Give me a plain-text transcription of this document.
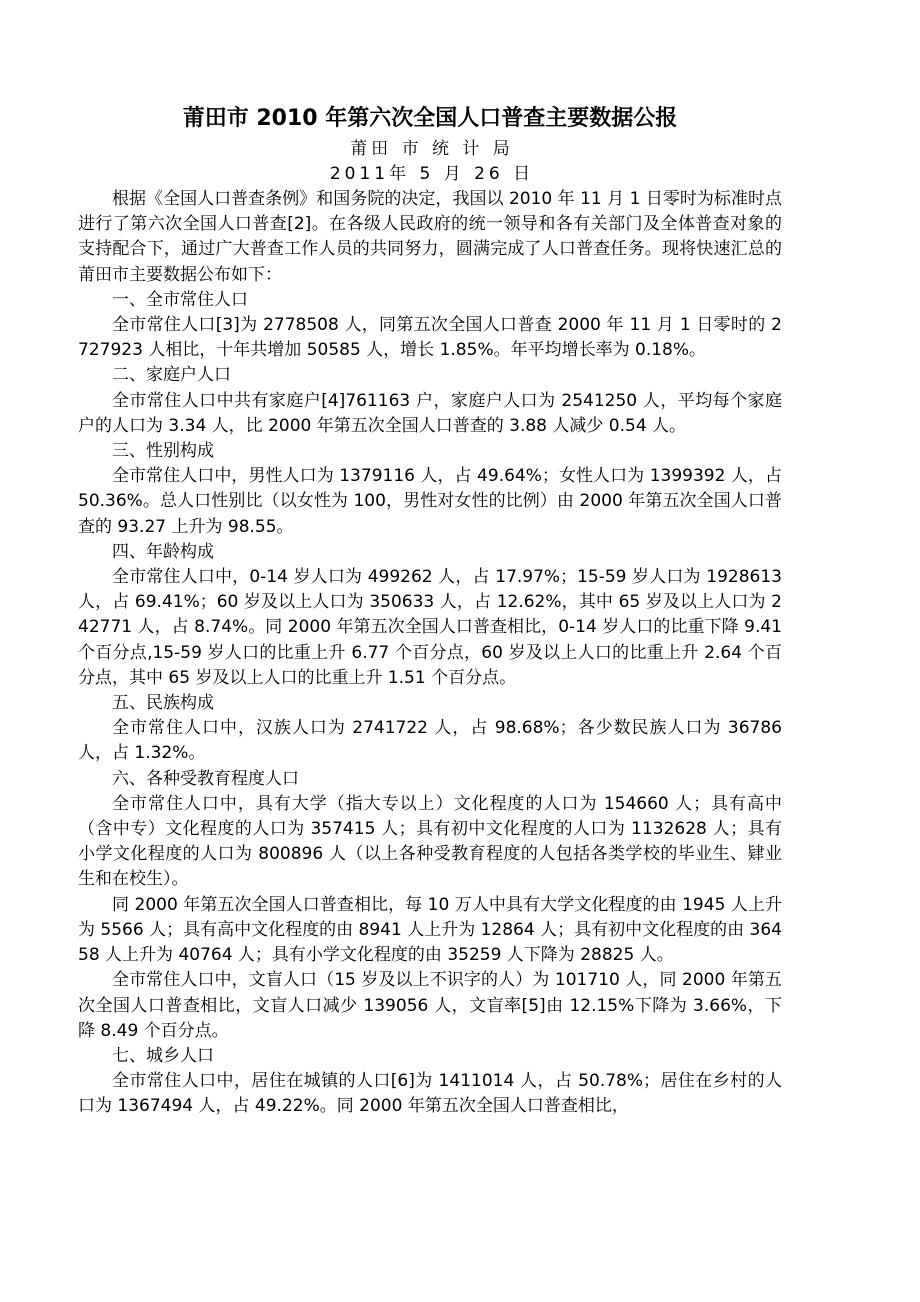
莆田市 2010 年第六次全国人口普查主要数据公报
莆田 市 统 计 局
2011年 5 月 26 日

根据《全国人口普查条例》和国务院的决定，我国以 2010 年 11 月 1 日零时为标准时点进行了第六次全国人口普查[2]。在各级人民政府的统一领导和各有关部门及全体普查对象的支持配合下，通过广大普查工作人员的共同努力，圆满完成了人口普查任务。现将快速汇总的莆田市主要数据公布如下：

一、全市常住人口

全市常住人口[3]为 2778508 人，同第五次全国人口普查 2000 年 11 月 1 日零时的 2727923 人相比，十年共增加 50585 人，增长 1.85%。年平均增长率为 0.18%。

二、家庭户人口

全市常住人口中共有家庭户[4]761163 户，家庭户人口为 2541250 人，平均每个家庭户的人口为 3.34 人，比 2000 年第五次全国人口普查的 3.88 人减少 0.54 人。

三、性别构成

全市常住人口中，男性人口为 1379116 人，占 49.64%；女性人口为 1399392 人，占 50.36%。总人口性别比（以女性为 100，男性对女性的比例）由 2000 年第五次全国人口普查的 93.27 上升为 98.55。

四、年龄构成

全市常住人口中，0-14 岁人口为 499262 人，占 17.97%；15-59 岁人口为 1928613 人，占 69.41%；60 岁及以上人口为 350633 人，占 12.62%，其中 65 岁及以上人口为 242771 人，占 8.74%。同 2000 年第五次全国人口普查相比，0-14 岁人口的比重下降 9.41 个百分点,15-59 岁人口的比重上升 6.77 个百分点，60 岁及以上人口的比重上升 2.64 个百分点，其中 65 岁及以上人口的比重上升 1.51 个百分点。

五、民族构成

全市常住人口中，汉族人口为 2741722 人，占 98.68%；各少数民族人口为 36786 人，占 1.32%。

六、各种受教育程度人口

全市常住人口中，具有大学（指大专以上）文化程度的人口为 154660 人；具有高中（含中专）文化程度的人口为 357415 人；具有初中文化程度的人口为 1132628 人；具有小学文化程度的人口为 800896 人（以上各种受教育程度的人包括各类学校的毕业生、肄业生和在校生）。

同 2000 年第五次全国人口普查相比，每 10 万人中具有大学文化程度的由 1945 人上升为 5566 人；具有高中文化程度的由 8941 人上升为 12864 人；具有初中文化程度的由 36458 人上升为 40764 人；具有小学文化程度的由 35259 人下降为 28825 人。

全市常住人口中，文盲人口（15 岁及以上不识字的人）为 101710 人，同 2000 年第五次全国人口普查相比，文盲人口减少 139056 人，文盲率[5]由 12.15%下降为 3.66%，下降 8.49 个百分点。

七、城乡人口

全市常住人口中，居住在城镇的人口[6]为 1411014 人，占 50.78%；居住在乡村的人口为 1367494 人，占 49.22%。同 2000 年第五次全国人口普查相比，
